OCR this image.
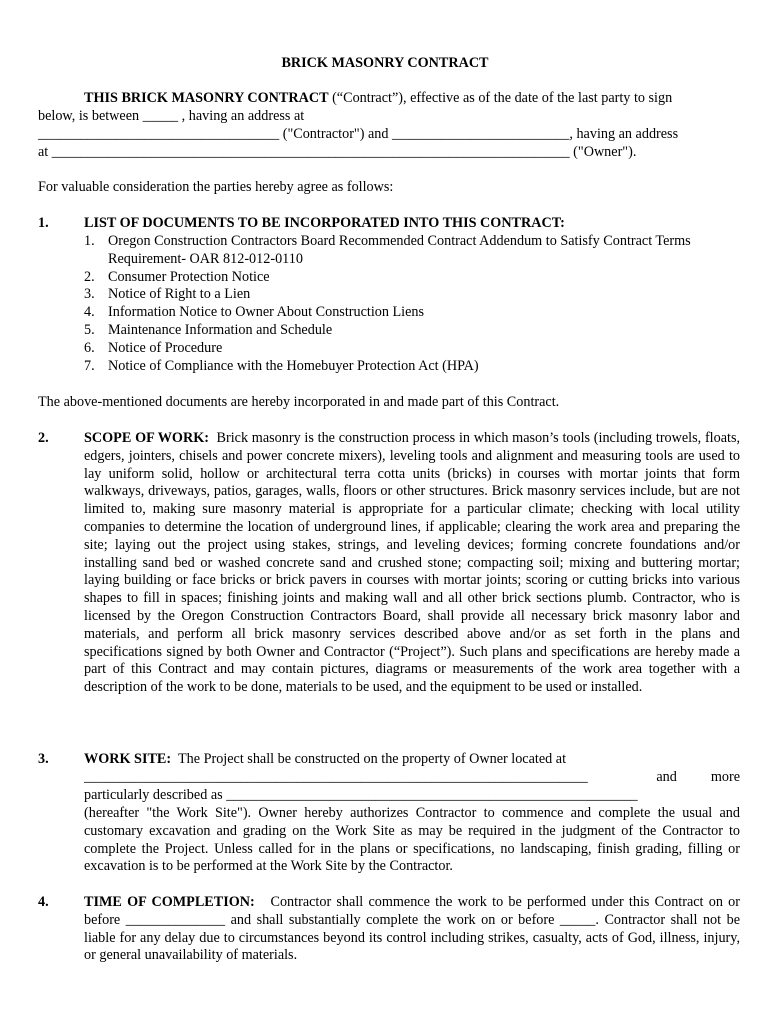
BRICK MASONRY CONTRACT
THIS BRICK MASONRY CONTRACT (“Contract”), effective as of the date of the last party to sign
below, is between _____ , having an address at
__________________________________ ("Contractor") and _________________________, having an address
at _________________________________________________________________________ ("Owner").
For valuable consideration the parties hereby agree as follows:
1. LIST OF DOCUMENTS TO BE INCORPORATED INTO THIS CONTRACT:
1. Oregon Construction Contractors Board Recommended Contract Addendum to Satisfy Contract Terms Requirement- OAR 812-012-0110
2. Consumer Protection Notice
3. Notice of Right to a Lien
4. Information Notice to Owner About Construction Liens
5. Maintenance Information and Schedule
6. Notice of Procedure
7. Notice of Compliance with the Homebuyer Protection Act (HPA)
The above-mentioned documents are hereby incorporated in and made part of this Contract.
2. SCOPE OF WORK: Brick masonry is the construction process in which mason’s tools (including trowels, floats, edgers, jointers, chisels and power concrete mixers), leveling tools and alignment and measuring tools are used to lay uniform solid, hollow or architectural terra cotta units (bricks) in courses with mortar joints that form walkways, driveways, patios, garages, walls, floors or other structures. Brick masonry services include, but are not limited to, making sure masonry material is appropriate for a particular climate; checking with local utility companies to determine the location of underground lines, if applicable; clearing the work area and preparing the site; laying out the project using stakes, strings, and leveling devices; forming concrete foundations and/or installing sand bed or washed concrete sand and crushed stone; compacting soil; mixing and buttering mortar; laying building or face bricks or brick pavers in courses with mortar joints; scoring or cutting bricks into various shapes to fill in spaces; finishing joints and making wall and all other brick sections plumb. Contractor, who is licensed by the Oregon Construction Contractors Board, shall provide all necessary brick masonry labor and materials, and perform all brick masonry services described above and/or as set forth in the plans and specifications signed by both Owner and Contractor (“Project”). Such plans and specifications are hereby made a part of this Contract and may contain pictures, diagrams or measurements of the work area together with a description of the work to be done, materials to be used, and the equipment to be used or installed.
3. WORK SITE: The Project shall be constructed on the property of Owner located at
_______________________________________________________________________	and more
particularly described as __________________________________________________________
(hereafter "the Work Site"). Owner hereby authorizes Contractor to commence and complete the usual and customary excavation and grading on the Work Site as may be required in the judgment of the Contractor to complete the Project. Unless called for in the plans or specifications, no landscaping, finish grading, filling or excavation is to be performed at the Work Site by the Contractor.
4. TIME OF COMPLETION: Contractor shall commence the work to be performed under this Contract on or before ______________ and shall substantially complete the work on or before _____. Contractor shall not be liable for any delay due to circumstances beyond its control including strikes, casualty, acts of God, illness, injury, or general unavailability of materials.
